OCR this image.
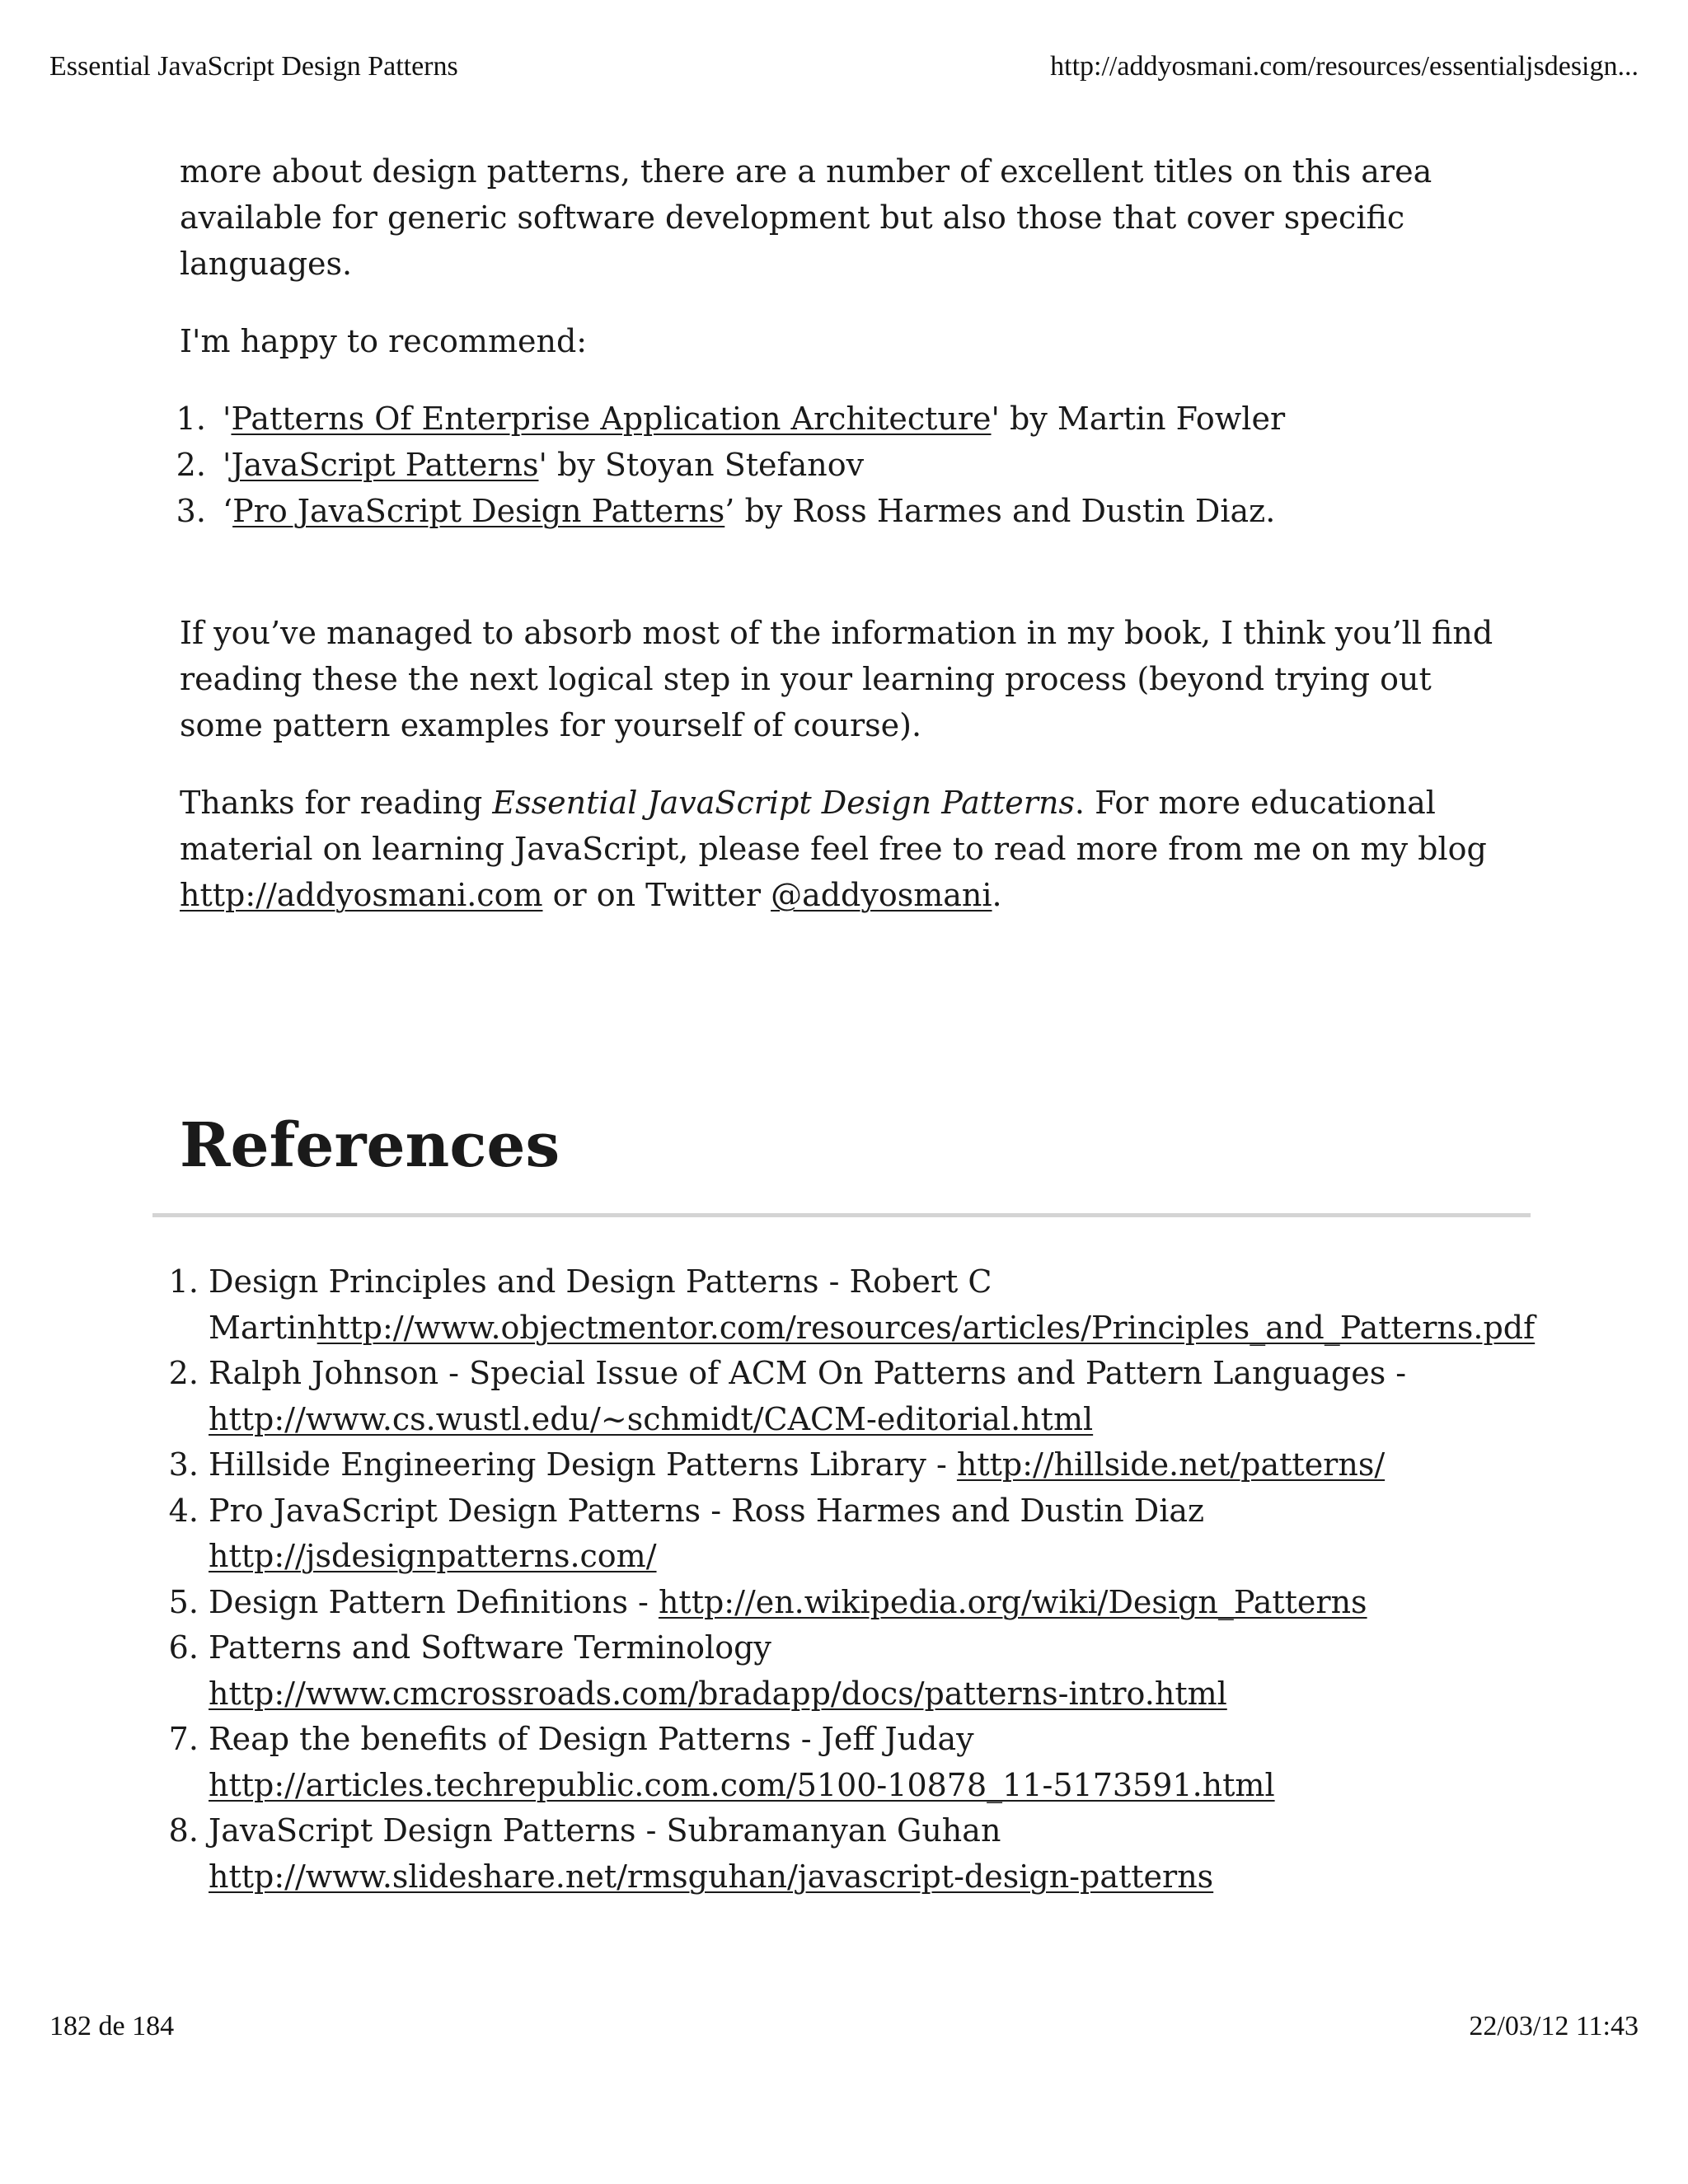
Essential JavaScript Design Patterns	http://addyosmani.com/resources/essentialjsdesign...

more about design patterns, there are a number of excellent titles on this area available for generic software development but also those that cover specific languages.

I'm happy to recommend:

1. 'Patterns Of Enterprise Application Architecture' by Martin Fowler
2. 'JavaScript Patterns' by Stoyan Stefanov
3. ‘Pro JavaScript Design Patterns’ by Ross Harmes and Dustin Diaz.

If you’ve managed to absorb most of the information in my book, I think you’ll find reading these the next logical step in your learning process (beyond trying out some pattern examples for yourself of course).

Thanks for reading Essential JavaScript Design Patterns. For more educational material on learning JavaScript, please feel free to read more from me on my blog http://addyosmani.com or on Twitter @addyosmani.

References
1. Design Principles and Design Patterns - Robert C Martinhttp://www.objectmentor.com/resources/articles/Principles_and_Patterns.pdf
2. Ralph Johnson - Special Issue of ACM On Patterns and Pattern Languages - http://www.cs.wustl.edu/~schmidt/CACM-editorial.html
3. Hillside Engineering Design Patterns Library - http://hillside.net/patterns/
4. Pro JavaScript Design Patterns - Ross Harmes and Dustin Diaz http://jsdesignpatterns.com/
5. Design Pattern Definitions - http://en.wikipedia.org/wiki/Design_Patterns
6. Patterns and Software Terminology http://www.cmcrossroads.com/bradapp/docs/patterns-intro.html
7. Reap the benefits of Design Patterns - Jeff Juday http://articles.techrepublic.com.com/5100-10878_11-5173591.html
8. JavaScript Design Patterns - Subramanyan Guhan http://www.slideshare.net/rmsguhan/javascript-design-patterns
182 de 184	22/03/12 11:43
